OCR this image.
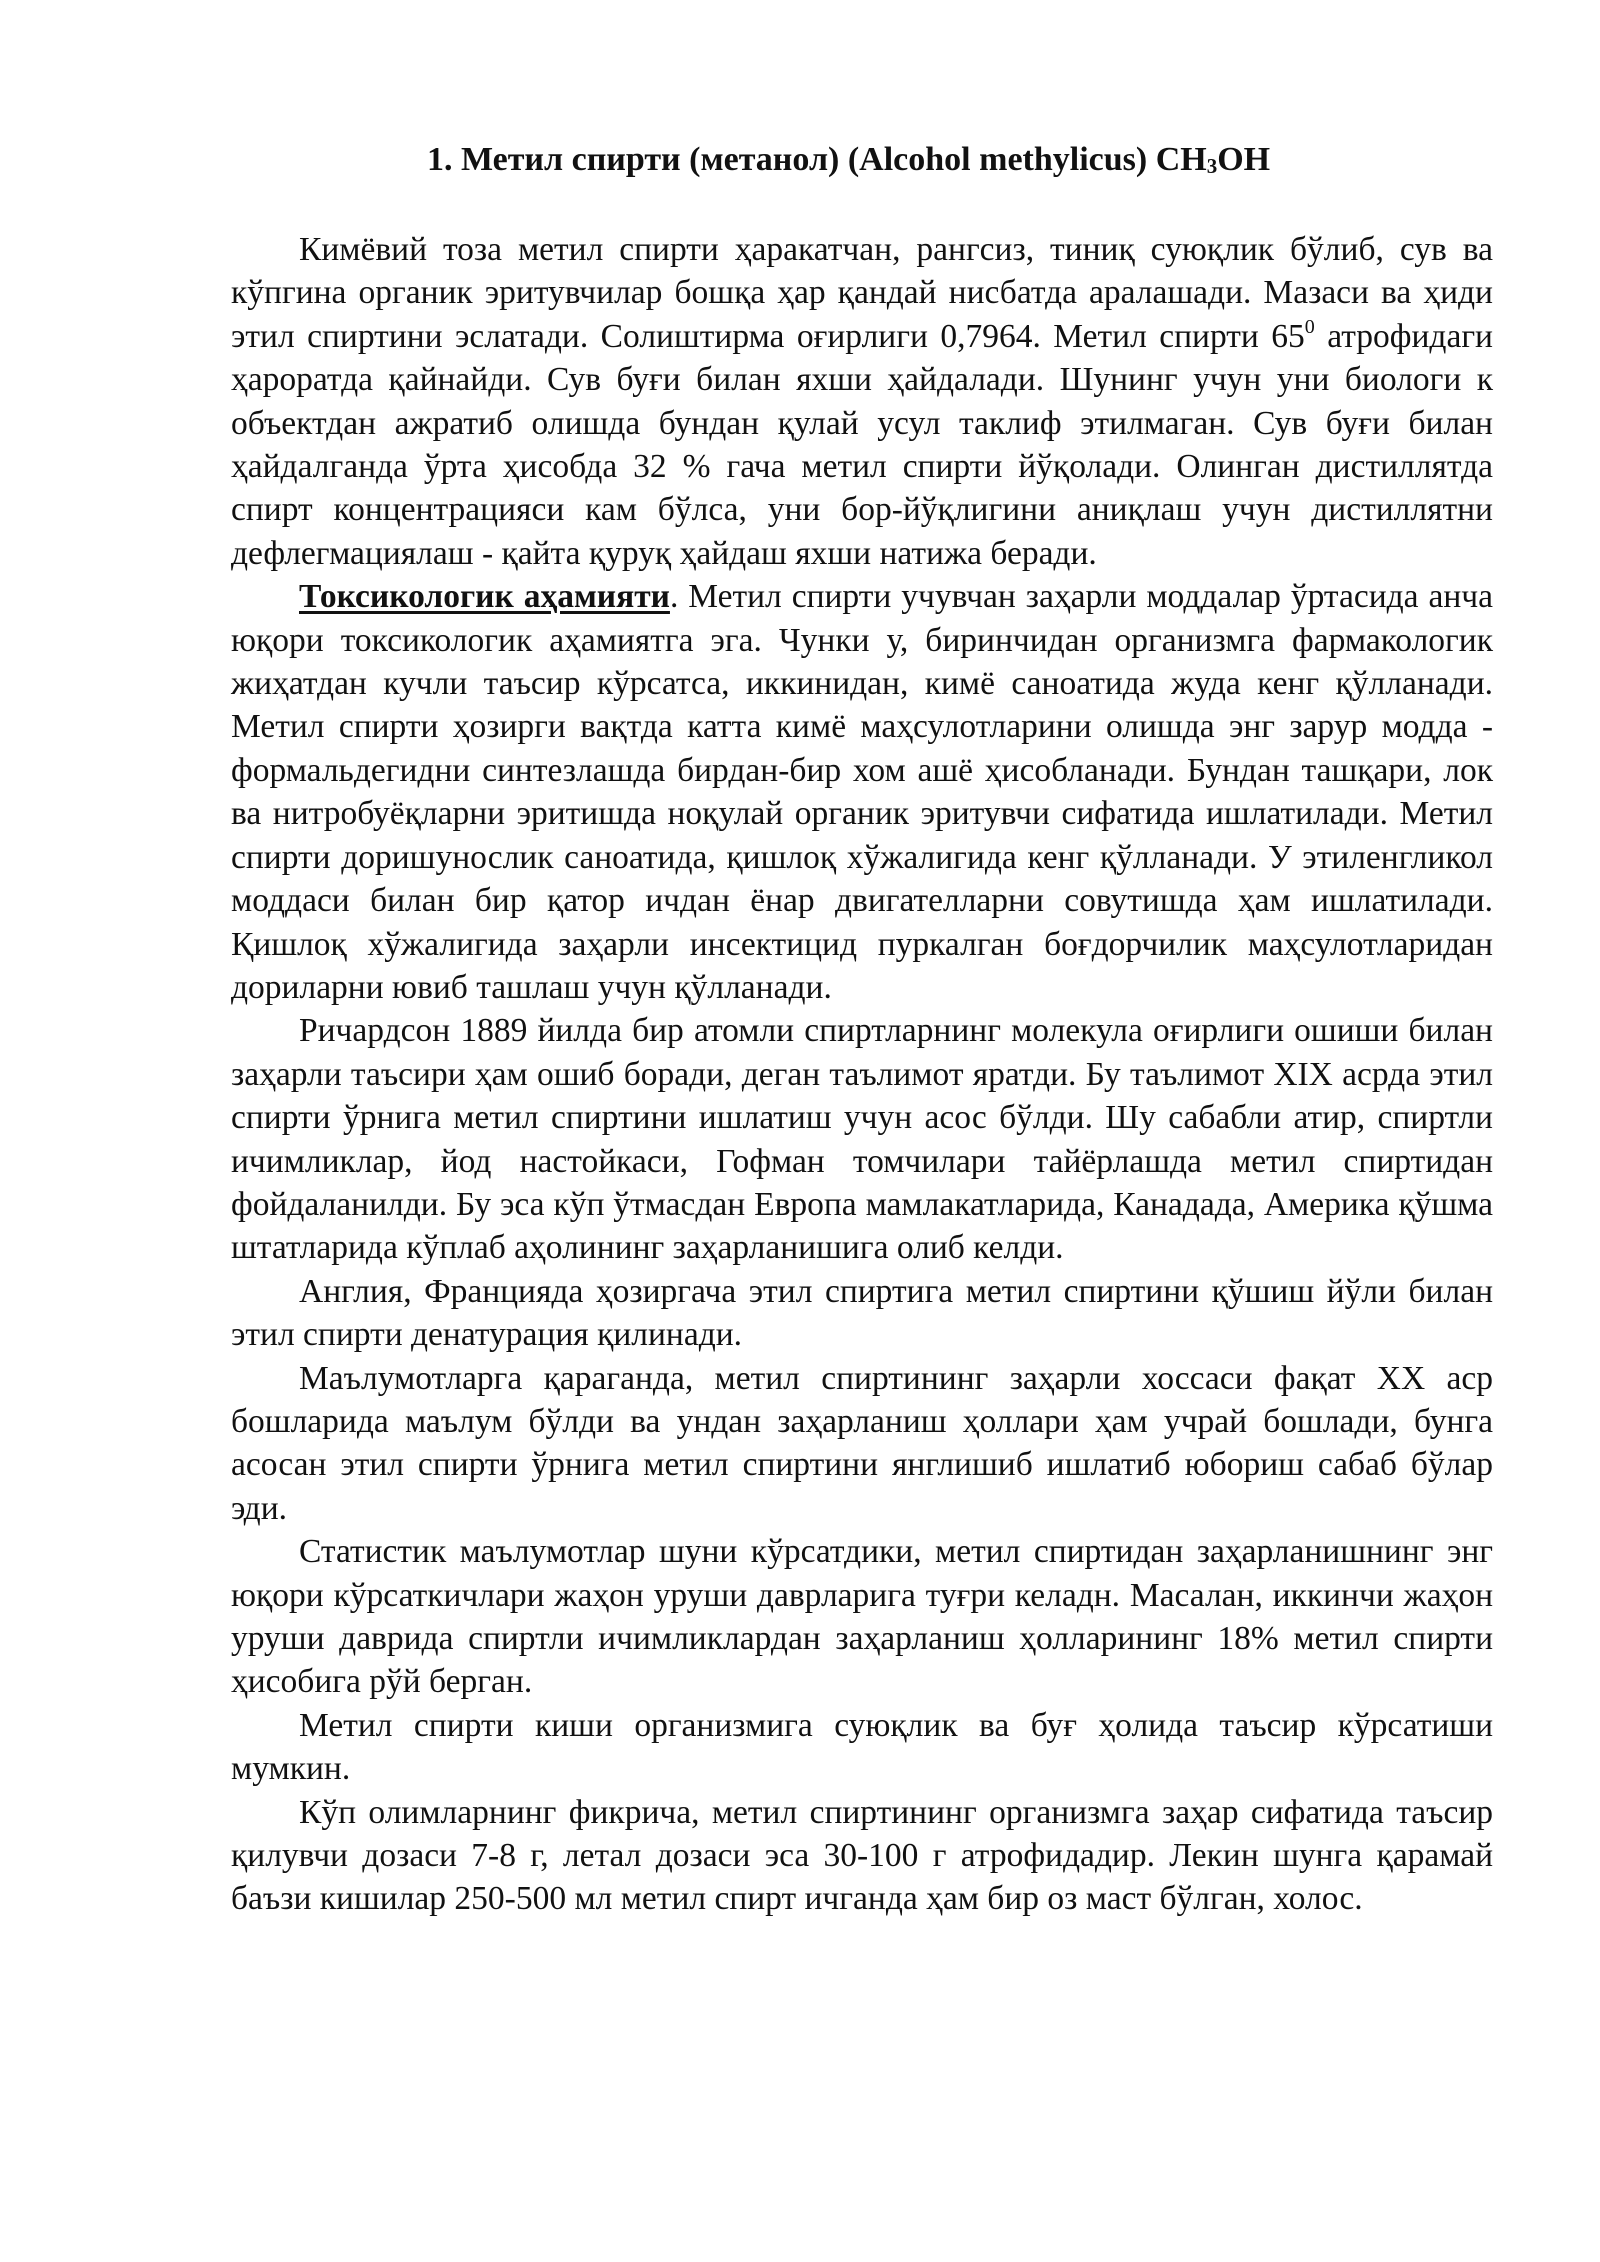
1. Метил спирти (метанол) (Alcohol methylicus) $CH_3OH$

Кимёвий тоза метил спирти ҳаракатчан, рангсиз, тиниқ суюқлик бўлиб, сув ва кўпгина органик эритувчилар бошқа ҳар қандай нисбатда аралашади. Мазаси ва ҳиди этил спиртини эслатади. Солиштирма оғирлиги 0,7964. Метил спирти $65^0$ атрофидаги ҳароратда қайнайди. Сув буғи билан яхши ҳайдалади. Шунинг учун уни биологи к объектдан ажратиб олишда бундан қулай усул таклиф этилмаган. Сув буғи билан ҳайдалганда ўрта ҳисобда 32 % гача метил спирти йўқолади. Олинган дистиллятда спирт концентрацияси кам бўлса, уни бор-йўқлигини аниқлаш учун дистиллятни дефлегмациялаш - қайта қуруқ ҳайдаш яхши натижа беради.

Токсикологик аҳамияти. Метил спирти учувчан заҳарли моддалар ўртасида анча юқори токсикологик аҳамиятга эга. Чунки у, биринчидан организмга фармакологик жиҳатдан кучли таъсир кўрсатса, иккинидан, кимё саноатида жуда кенг қўлланади. Метил спирти ҳозирги вақтда катта кимё маҳсулотларини олишда энг зарур модда - формальдегидни синтезлашда бирдан-бир хом ашё ҳисобланади. Бундан ташқари, лок ва нитробуёқларни эритишда ноқулай органик эритувчи сифатида ишлатилади. Метил спирти доришунослик саноатида, қишлоқ хўжалигида кенг қўлланади. У этиленгликол моддаси билан бир қатор ичдан ёнар двигателларни совутишда ҳам ишлатилади. Қишлоқ хўжалигида заҳарли инсектицид пуркалган боғдорчилик маҳсулотларидан дориларни ювиб ташлаш учун қўлланади.

Ричардсон 1889 йилда бир атомли спиртларнинг молекула оғирлиги ошиши билан заҳарли таъсири ҳам ошиб боради, деган таълимот яратди. Бу таълимот XIX асрда этил спирти ўрнига метил спиртини ишлатиш учун асос бўлди. Шу сабабли атир, спиртли ичимликлар, йод настойкаси, Гофман томчилари тайёрлашда метил спиртидан фойдаланилди. Бу эса кўп ўтмасдан Европа мамлакатларида, Канадада, Америка қўшма штатларида кўплаб аҳолининг заҳарланишига олиб келди.

Англия, Францияда ҳозиргача этил спиртига метил спиртини қўшиш йўли билан этил спирти денатурация қилинади.

Маълумотларга қараганда, метил спиртининг заҳарли хоссаси фақат XX аср бошларида маълум бўлди ва ундан заҳарланиш ҳоллари ҳам учрай бошлади, бунга асосан этил спирти ўрнига метил спиртини янглишиб ишлатиб юбориш сабаб бўлар эди.

Статистик маълумотлар шуни кўрсатдики, метил спиртидан заҳарланишнинг энг юқори кўрсаткичлари жаҳон уруши даврларига туғри келадн. Масалан, иккинчи жаҳон уруши даврида спиртли ичимликлардан заҳарланиш ҳолларининг 18% метил спирти ҳисобига рўй берган.

Метил спирти киши организмига суюқлик ва буғ ҳолида таъсир кўрсатиши мумкин.

Кўп олимларнинг фикрича, метил спиртининг организмга заҳар сифатида таъсир қилувчи дозаси 7-8 г, летал дозаси эса 30-100 г атрофидадир. Лекин шунга қарамай баъзи кишилар 250-500 мл метил спирт ичганда ҳам бир оз маст бўлган, холос.
